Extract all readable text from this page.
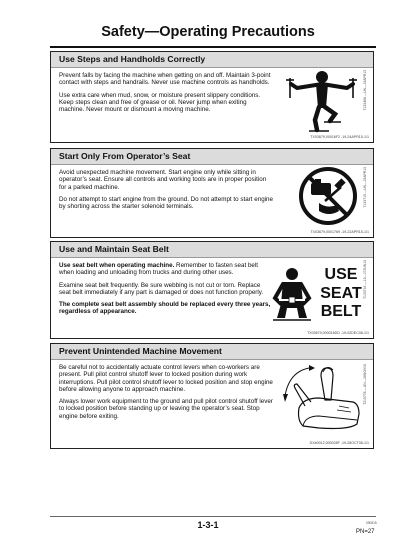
Safety—Operating Precautions
Use Steps and Handholds Correctly

Prevent falls by facing the machine when getting on and off. Maintain 3-point contact with steps and handrails. Never use machine controls as handholds.

Use extra care when mud, snow, or moisture present slippery conditions. Keep steps clean and free of grease or oil. Never jump when exiting machine. Never mount or dismount a moving machine.	T133468 —UN—15APR13
TX03679,00016F2 -19-24APR15-1/1
Start Only From Operator’s Seat

Avoid unexpected machine movement. Start engine only while sitting in operator’s seat. Ensure all controls and working tools are in proper position for a parked machine.

Do not attempt to start engine from the ground. Do not attempt to start engine by shorting across the starter solenoid terminals.	T133715 —UN—15APR13
TX03679,0001769 -19-22APR15-1/1
Use and Maintain Seat Belt

Use seat belt when operating machine. Remember to fasten seat belt when loading and unloading from trucks and during other uses.

Examine seat belt frequently. Be sure webbing is not cut or torn. Replace seat belt immediately if any part is damaged or does not function properly.

The complete seat belt assembly should be replaced every three years, regardless of appearance.

USE
SEAT
BELT
T133716 —19—07JUN13
TX03679,000016DD -19-02DEC08-1/1
Prevent Unintended Machine Movement

Be careful not to accidentally actuate control levers when co-workers are present. Pull pilot control shutoff lever to locked position during work interruptions. Pull pilot control shutoff lever to locked position and stop engine before allowing anyone to approach machine.

Always lower work equipment to the ground and pull pilot control shutoff lever to locked position before standing up or leaving the operator’s seat. Stop engine before exiting.

T219778 —UN—28NOV06
DX#0012,000028F -19-28OCT08-1/1
1-3-1	090815
PN=27
